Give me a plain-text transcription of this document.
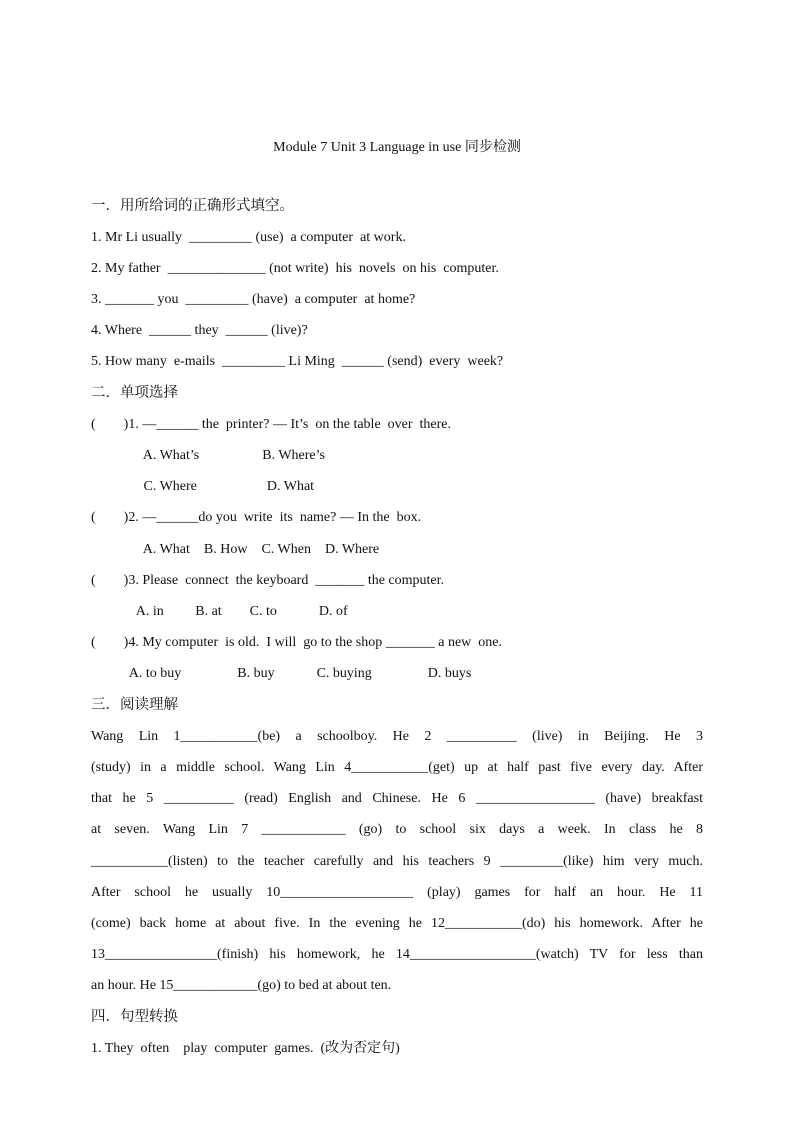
Module 7 Unit 3 Language in use 同步检测
一．用所给词的正确形式填空。
1. Mr Li usually  _________ (use)  a computer  at work.
2. My father  ______________ (not write)  his  novels  on his  computer.
3. _______ you  _________ (have)  a computer  at home?
4. Where  ______ they  ______ (live)?
5. How many  e-mails  _________ Li Ming  ______ (send)  every  week?
二．单项选择
(        )1. —______ the  printer? — It’s  on the table  over  there.
A. What’s                  B. Where’s
C. Where                    D. What
(        )2. —______do you  write  its  name? — In the  box.
A. What    B. How    C. When    D. Where
(        )3. Please  connect  the keyboard  _______ the computer.
A. in         B. at        C. to            D. of
(        )4. My computer  is old.  I will  go to the shop _______ a new  one.
A. to buy                B. buy            C. buying                D. buys
三．阅读理解
Wang Lin 1___________(be) a schoolboy. He 2 __________ (live) in Beijing. He 3
(study) in a middle school. Wang Lin 4___________(get) up at half past five every day. After
that he 5 __________ (read) English and Chinese. He 6 _________________ (have) breakfast
at seven. Wang Lin 7 ____________ (go) to school six days a week. In class he 8
___________(listen) to the teacher carefully and his teachers 9 _________(like) him very much.
After school he usually 10___________________ (play) games for half an hour. He 11
(come) back home at about five. In the evening he 12___________(do) his homework. After he
13________________(finish) his homework, he 14__________________(watch) TV for less than
an hour. He 15____________(go) to bed at about ten.
四．句型转换
1. They  often    play  computer  games.  (改为否定句)
